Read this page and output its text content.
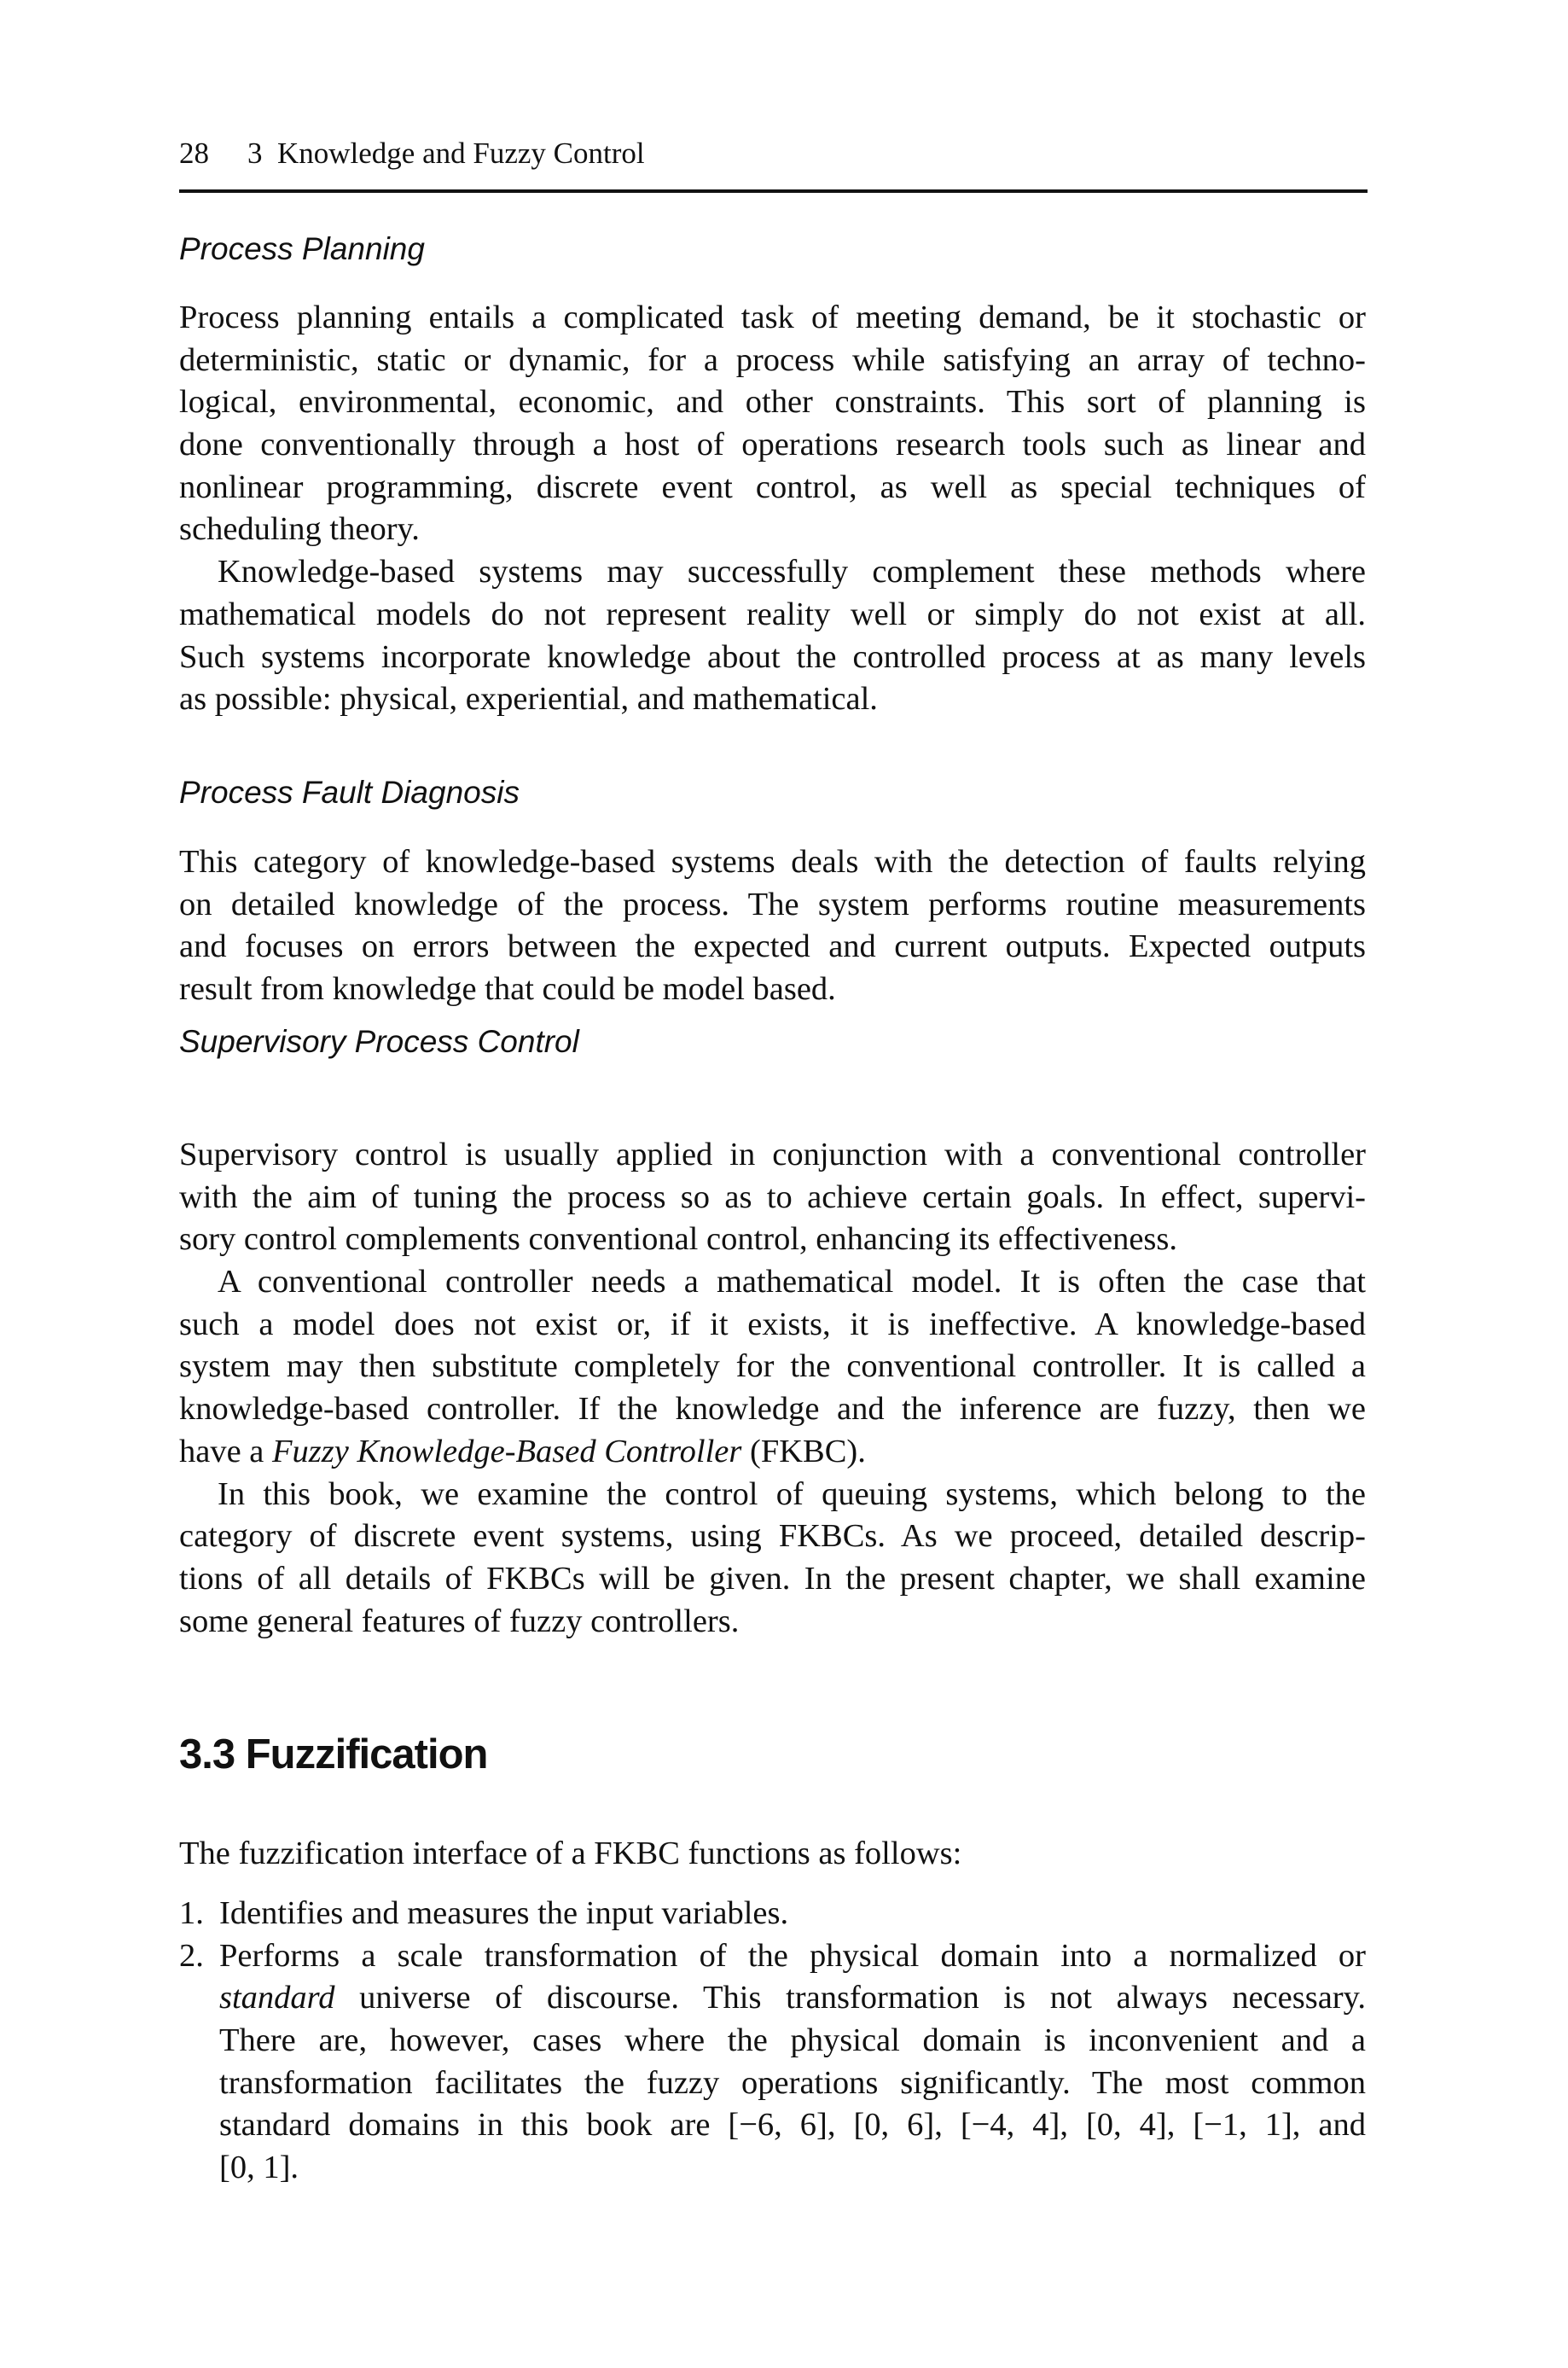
28 3  Knowledge and Fuzzy Control
Process Planning
Process planning entails a complicated task of meeting demand, be it stochastic or
deterministic, static or dynamic, for a process while satisfying an array of techno-
logical, environmental, economic, and other constraints. This sort of planning is
done conventionally through a host of operations research tools such as linear and
nonlinear programming, discrete event control, as well as special techniques of
scheduling theory.
Knowledge-based systems may successfully complement these methods where
mathematical models do not represent reality well or simply do not exist at all.
Such systems incorporate knowledge about the controlled process at as many levels
as possible: physical, experiential, and mathematical.
Process Fault Diagnosis
This category of knowledge-based systems deals with the detection of faults relying
on detailed knowledge of the process. The system performs routine measurements
and focuses on errors between the expected and current outputs. Expected outputs
result from knowledge that could be model based.
Supervisory Process Control
Supervisory control is usually applied in conjunction with a conventional controller
with the aim of tuning the process so as to achieve certain goals. In effect, supervi-
sory control complements conventional control, enhancing its effectiveness.
A conventional controller needs a mathematical model. It is often the case that
such a model does not exist or, if it exists, it is ineffective. A knowledge-based
system may then substitute completely for the conventional controller. It is called a
knowledge-based controller. If the knowledge and the inference are fuzzy, then we
have a Fuzzy Knowledge-Based Controller (FKBC).
In this book, we examine the control of queuing systems, which belong to the
category of discrete event systems, using FKBCs. As we proceed, detailed descrip-
tions of all details of FKBCs will be given. In the present chapter, we shall examine
some general features of fuzzy controllers.
3.3 Fuzzification
The fuzzification interface of a FKBC functions as follows:
1. Identifies and measures the input variables.
2. Performs a scale transformation of the physical domain into a normalized or
standard universe of discourse. This transformation is not always necessary.
There are, however, cases where the physical domain is inconvenient and a
transformation facilitates the fuzzy operations significantly. The most common
standard domains in this book are [−6, 6], [0, 6], [−4, 4], [0, 4], [−1, 1], and
[0, 1].
